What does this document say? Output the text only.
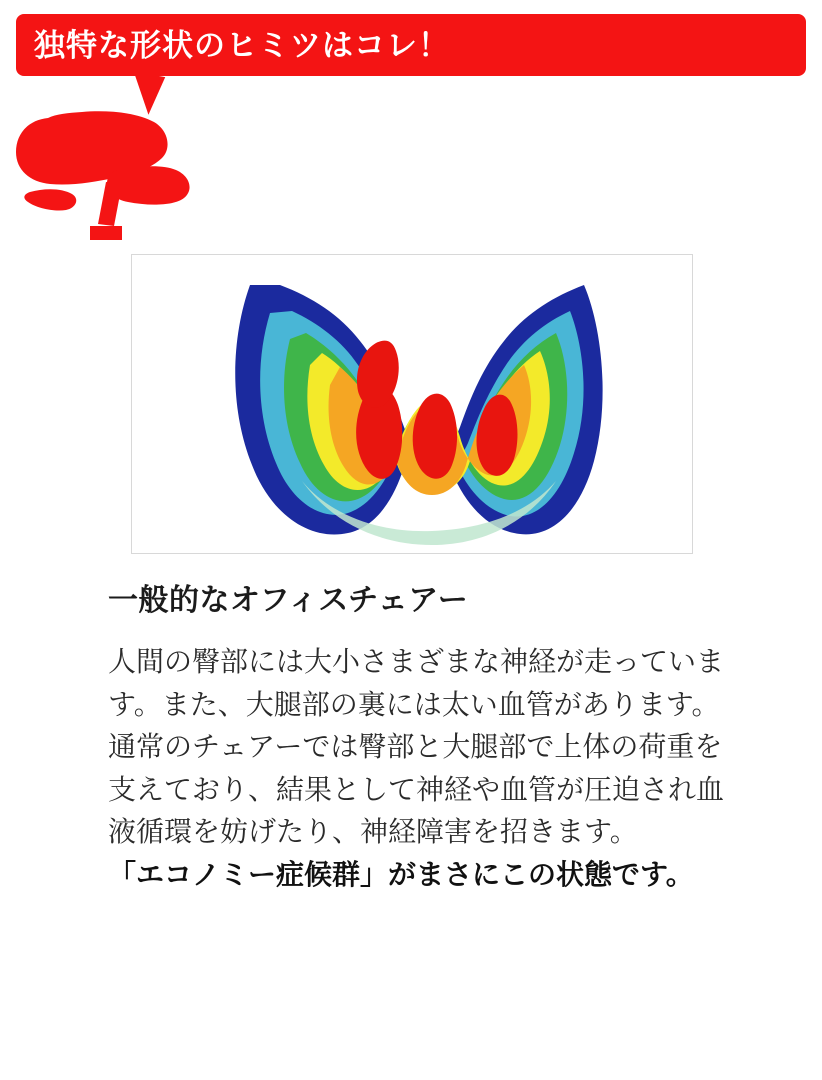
独特な形状のヒミツはコレ！
一般的なオフィスチェアー

人間の臀部には大小さまざまな神経が走っています。また、大腿部の裏には太い血管があります。

通常のチェアーでは臀部と大腿部で上体の荷重を支えており、結果として神経や血管が圧迫され血液循環を妨げたり、神経障害を招きます。

「エコノミー症候群」がまさにこの状態です。
